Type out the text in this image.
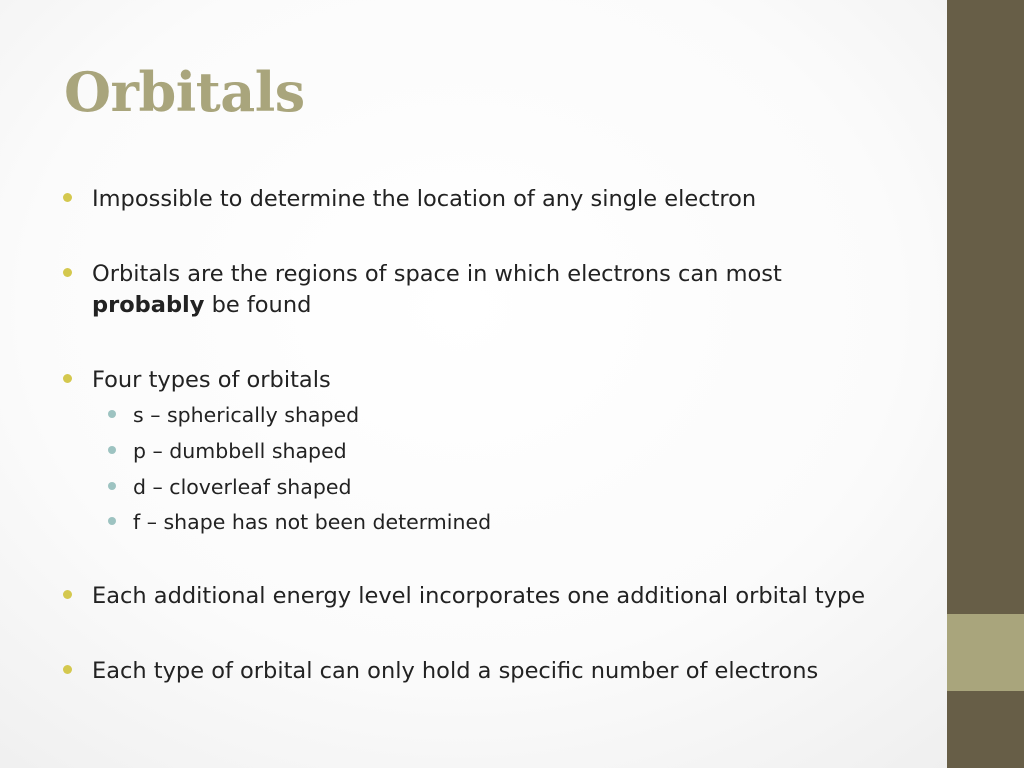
Orbitals
Impossible to determine the location of any single electron
Orbitals are the regions of space in which electrons can most
probably be found
Four types of orbitals
s – spherically shaped
p – dumbbell shaped
d – cloverleaf shaped
f – shape has not been determined
Each additional energy level incorporates one additional orbital type
Each type of orbital can only hold a specific number of electrons
